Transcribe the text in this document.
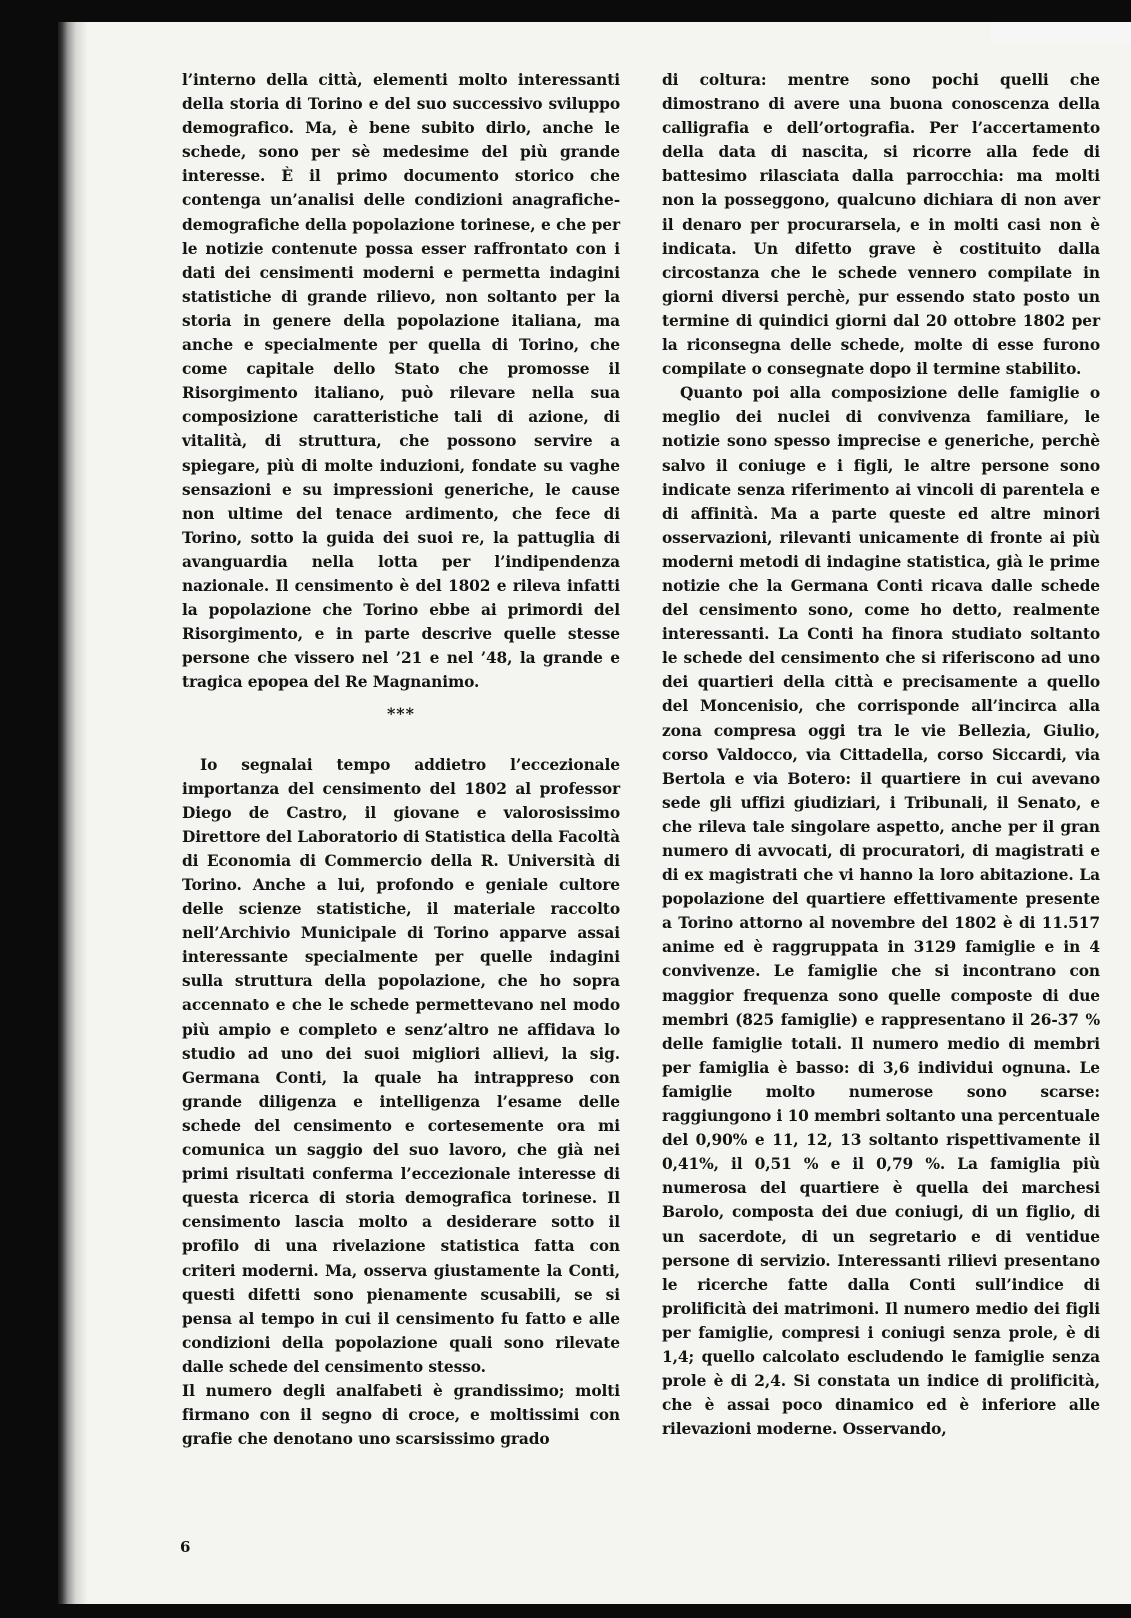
l’interno della città, elementi molto interessanti della storia di Torino e del suo successivo sviluppo demografico. Ma, è bene subito dirlo, anche le schede, sono per sè medesime del più grande interesse. È il primo documento storico che contenga un’analisi delle condizioni anagrafiche-demografiche della popolazione torinese, e che per le notizie contenute possa esser raffrontato con i dati dei censimenti moderni e permetta indagini statistiche di grande rilievo, non soltanto per la storia in genere della popolazione italiana, ma anche e specialmente per quella di Torino, che come capitale dello Stato che promosse il Risorgimento italiano, può rilevare nella sua composizione caratteristiche tali di azione, di vitalità, di struttura, che possono servire a spiegare, più di molte induzioni, fondate su vaghe sensazioni e su impressioni generiche, le cause non ultime del tenace ardimento, che fece di Torino, sotto la guida dei suoi re, la pattuglia di avanguardia nella lotta per l’indipendenza nazionale. Il censimento è del 1802 e rileva infatti la popolazione che Torino ebbe ai primordi del Risorgimento, e in parte descrive quelle stesse persone che vissero nel ’21 e nel ’48, la grande e tragica epopea del Re Magnanimo.

***

Io segnalai tempo addietro l’eccezionale importanza del censimento del 1802 al professor Diego de Castro, il giovane e valorosissimo Direttore del Laboratorio di Statistica della Facoltà di Economia di Commercio della R. Università di Torino. Anche a lui, profondo e geniale cultore delle scienze statistiche, il materiale raccolto nell’Archivio Municipale di Torino apparve assai interessante specialmente per quelle indagini sulla struttura della popolazione, che ho sopra accennato e che le schede permettevano nel modo più ampio e completo e senz’altro ne affidava lo studio ad uno dei suoi migliori allievi, la sig. Germana Conti, la quale ha intrappreso con grande diligenza e intelligenza l’esame delle schede del censimento e cortesemente ora mi comunica un saggio del suo lavoro, che già nei primi risultati conferma l’eccezionale interesse di questa ricerca di storia demografica torinese. Il censimento lascia molto a desiderare sotto il profilo di una rivelazione statistica fatta con criteri moderni. Ma, osserva giustamente la Conti, questi difetti sono pienamente scusabili, se si pensa al tempo in cui il censimento fu fatto e alle condizioni della popolazione quali sono rilevate dalle schede del censimento stesso.

Il numero degli analfabeti è grandissimo; molti firmano con il segno di croce, e moltissimi con grafie che denotano uno scarsissimo grado

di coltura: mentre sono pochi quelli che dimostrano di avere una buona conoscenza della calligrafia e dell’ortografia. Per l’accertamento della data di nascita, si ricorre alla fede di battesimo rilasciata dalla parrocchia: ma molti non la posseggono, qualcuno dichiara di non aver il denaro per procurarsela, e in molti casi non è indicata. Un difetto grave è costituito dalla circostanza che le schede vennero compilate in giorni diversi perchè, pur essendo stato posto un termine di quindici giorni dal 20 ottobre 1802 per la riconsegna delle schede, molte di esse furono compilate o consegnate dopo il termine stabilito.

Quanto poi alla composizione delle famiglie o meglio dei nuclei di convivenza familiare, le notizie sono spesso imprecise e generiche, perchè salvo il coniuge e i figli, le altre persone sono indicate senza riferimento ai vincoli di parentela e di affinità. Ma a parte queste ed altre minori osservazioni, rilevanti unicamente di fronte ai più moderni metodi di indagine statistica, già le prime notizie che la Germana Conti ricava dalle schede del censimento sono, come ho detto, realmente interessanti. La Conti ha finora studiato soltanto le schede del censimento che si riferiscono ad uno dei quartieri della città e precisamente a quello del Moncenisio, che corrisponde all’incirca alla zona compresa oggi tra le vie Bellezia, Giulio, corso Valdocco, via Cittadella, corso Siccardi, via Bertola e via Botero: il quartiere in cui avevano sede gli uffizi giudiziari, i Tribunali, il Senato, e che rileva tale singolare aspetto, anche per il gran numero di avvocati, di procuratori, di magistrati e di ex magistrati che vi hanno la loro abitazione. La popolazione del quartiere effettivamente presente a Torino attorno al novembre del 1802 è di 11.517 anime ed è raggruppata in 3129 famiglie e in 4 convivenze. Le famiglie che si incontrano con maggior frequenza sono quelle composte di due membri (825 famiglie) e rappresentano il 26-37 % delle famiglie totali. Il numero medio di membri per famiglia è basso: di 3,6 individui ognuna. Le famiglie molto numerose sono scarse: raggiungono i 10 membri soltanto una percentuale del 0,90% e 11, 12, 13 soltanto rispettivamente il 0,41%, il 0,51 % e il 0,79 %. La famiglia più numerosa del quartiere è quella dei marchesi Barolo, composta dei due coniugi, di un figlio, di un sacerdote, di un segretario e di ventidue persone di servizio. Interessanti rilievi presentano le ricerche fatte dalla Conti sull’indice di prolificità dei matrimoni. Il numero medio dei figli per famiglie, compresi i coniugi senza prole, è di 1,4; quello calcolato escludendo le famiglie senza prole è di 2,4. Si constata un indice di prolificità, che è assai poco dinamico ed è inferiore alle rilevazioni moderne. Osservando,

6
